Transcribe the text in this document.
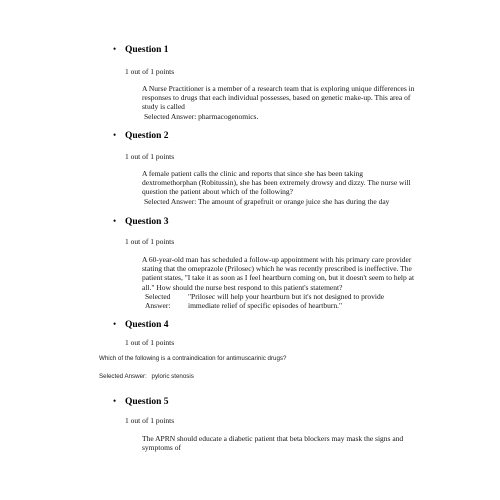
• Question 1
1 out of 1 points
A Nurse Practitioner is a member of a research team that is exploring unique differences in
responses to drugs that each individual possesses, based on genetic make-up. This area of
study is called
Selected Answer: pharmacogenomics.
• Question 2
1 out of 1 points
A female patient calls the clinic and reports that since she has been taking
dextromethorphan (Robitussin), she has been extremely drowsy and dizzy. The nurse will
question the patient about which of the following?
Selected Answer: The amount of grapefruit or orange juice she has during the day
• Question 3
1 out of 1 points
A 60-year-old man has scheduled a follow-up appointment with his primary care provider
stating that the omeprazole (Prilosec) which he was recently prescribed is ineffective. The
patient states, "I take it as soon as I feel heartburn coming on, but it doesn't seem to help at
all." How should the nurse best respond to this patient's statement?
Selected
Answer:
"Prilosec will help your heartburn but it's not designed to provide
immediate relief of specific episodes of heartburn."
• Question 4
1 out of 1 points
Which of the following is a contraindication for antimuscarinic drugs?
Selected Answer: pyloric stenosis
• Question 5
1 out of 1 points
The APRN should educate a diabetic patient that beta blockers may mask the signs and
symptoms of
